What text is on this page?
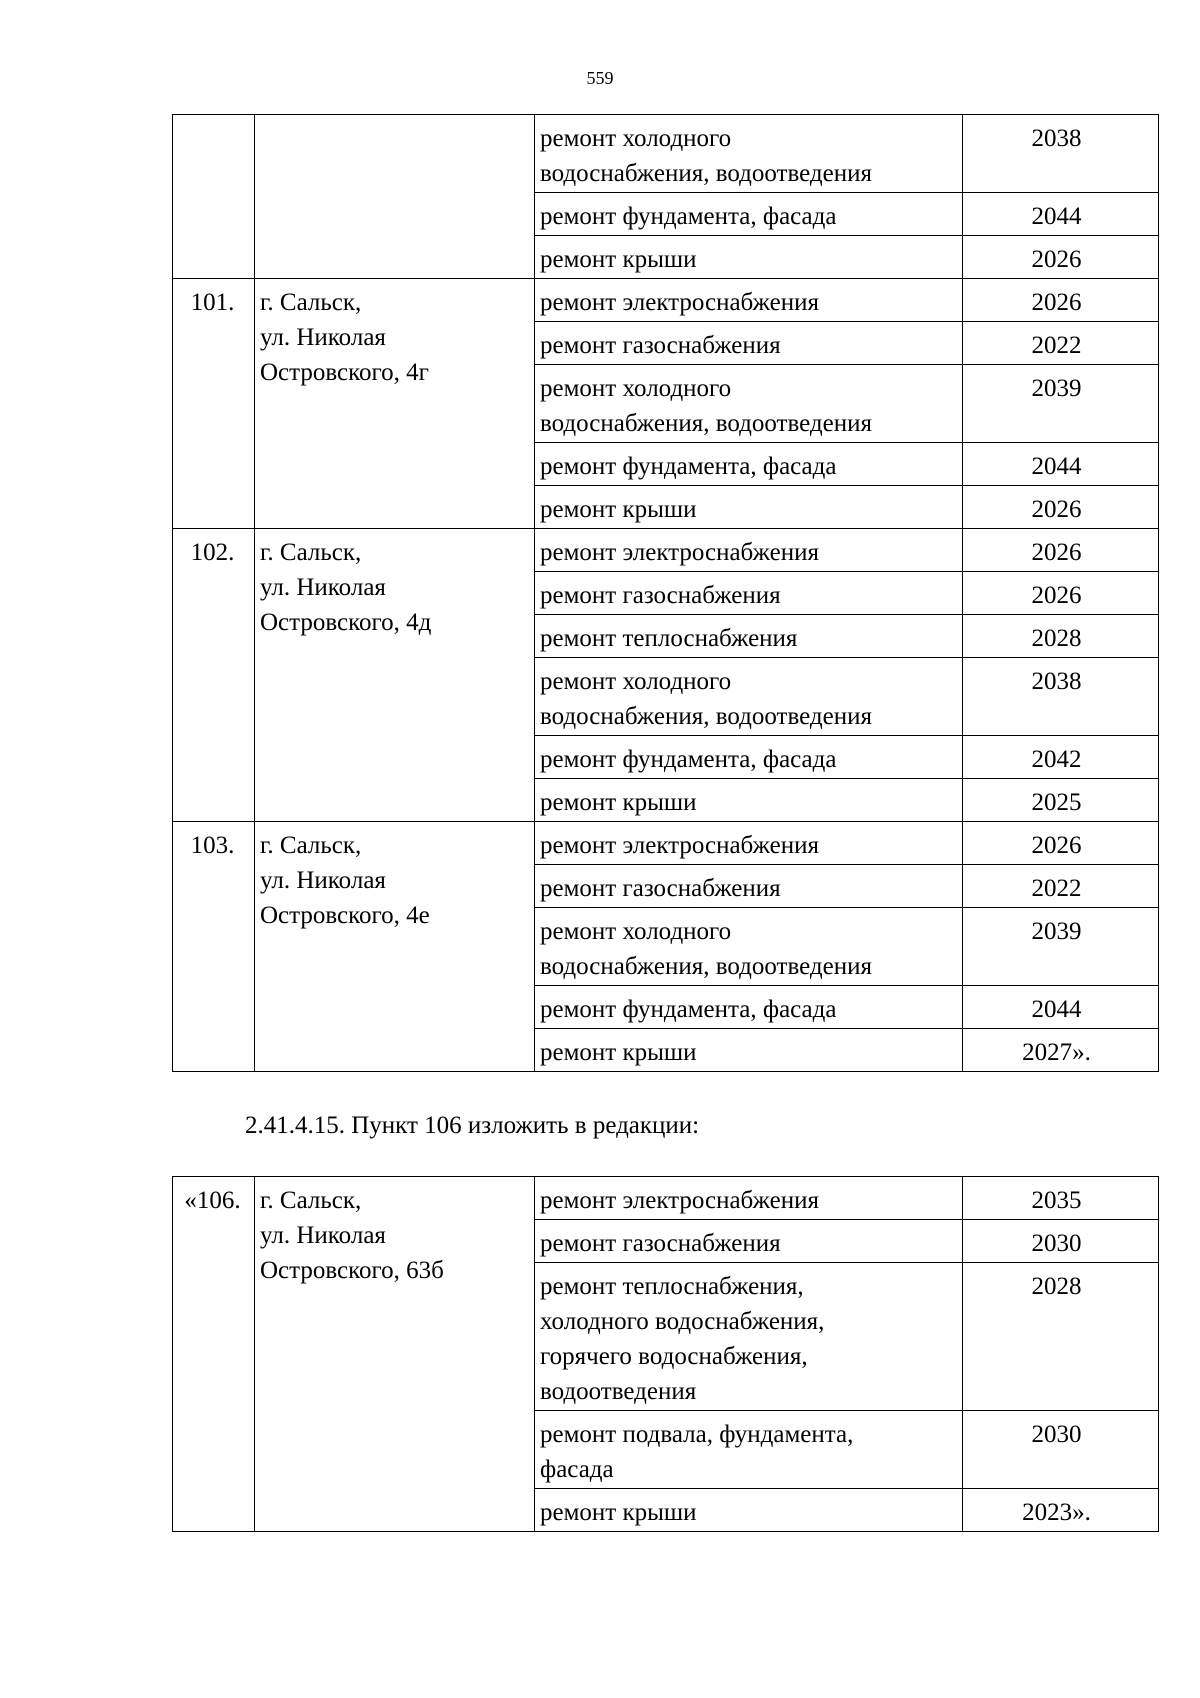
559

		ремонт холодного
водоснабжения, водоотведения	2038

		ремонт фундамента, фасада	2044

		ремонт крыши	2026
101.	г. Сальск,
ул. Николая
Островского, 4г	ремонт электроснабжения	2026

		ремонт газоснабжения	2022

		ремонт холодного
водоснабжения, водоотведения	2039

		ремонт фундамента, фасада	2044

		ремонт крыши	2026
102.	г. Сальск,
ул. Николая
Островского, 4д	ремонт электроснабжения	2026

		ремонт газоснабжения	2026

		ремонт теплоснабжения	2028

		ремонт холодного
водоснабжения, водоотведения	2038

		ремонт фундамента, фасада	2042

		ремонт крыши	2025
103.	г. Сальск,
ул. Николая
Островского, 4е	ремонт электроснабжения	2026

		ремонт газоснабжения	2022

		ремонт холодного
водоснабжения, водоотведения	2039

		ремонт фундамента, фасада	2044

		ремонт крыши	2027».
2.41.4.15. Пункт 106 изложить в редакции:
«106.	г. Сальск,
ул. Николая
Островского, 63б	ремонт электроснабжения	2035

		ремонт газоснабжения	2030

		ремонт теплоснабжения,
холодного водоснабжения,
горячего водоснабжения,
водоотведения	2028

		ремонт подвала, фундамента,
фасада	2030

		ремонт крыши	2023».
